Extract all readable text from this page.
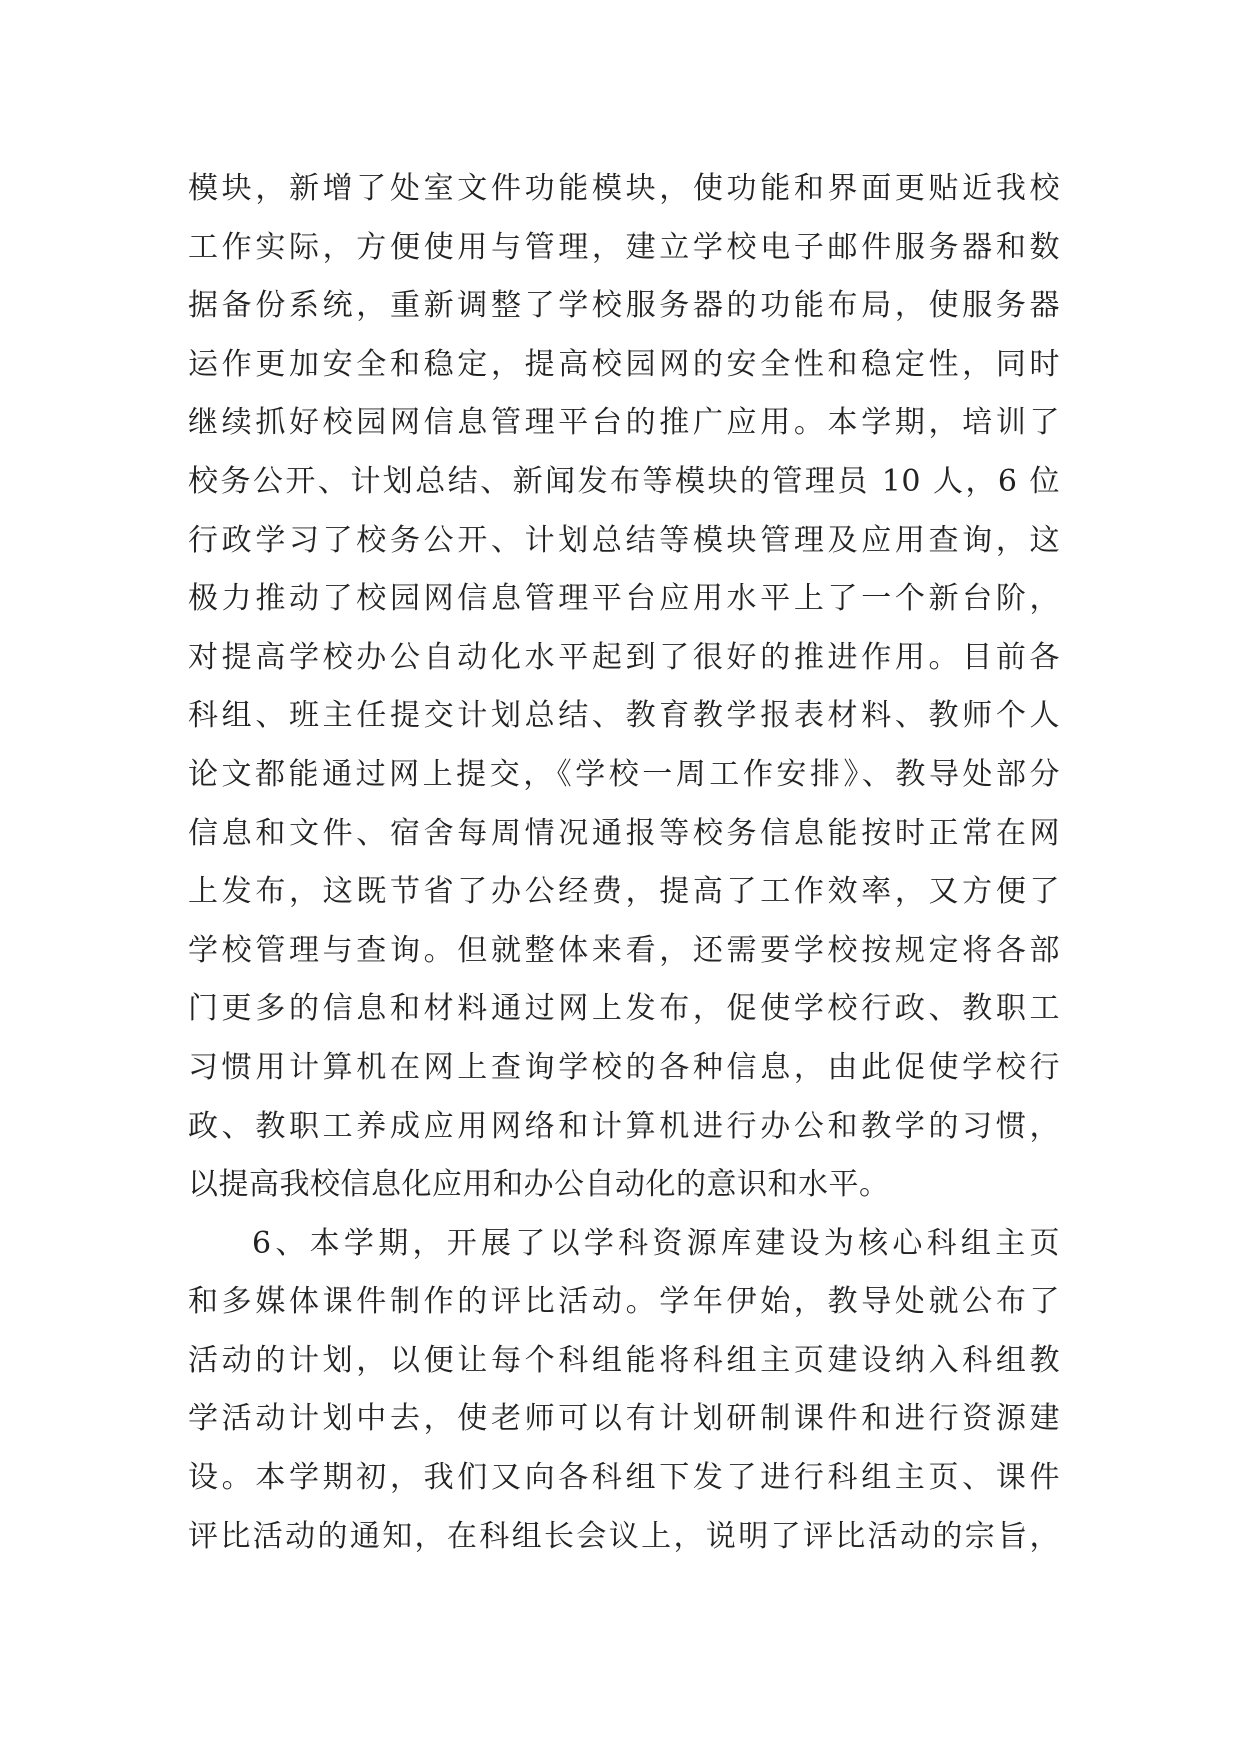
模块，新增了处室文件功能模块，使功能和界面更贴近我校
工作实际，方便使用与管理，建立学校电子邮件服务器和数
据备份系统，重新调整了学校服务器的功能布局，使服务器
运作更加安全和稳定，提高校园网的安全性和稳定性，同时
继续抓好校园网信息管理平台的推广应用。本学期，培训了
校务公开、计划总结、新闻发布等模块的管理员 10 人，6 位
行政学习了校务公开、计划总结等模块管理及应用查询，这
极力推动了校园网信息管理平台应用水平上了一个新台阶，
对提高学校办公自动化水平起到了很好的推进作用。目前各
科组、班主任提交计划总结、教育教学报表材料、教师个人
论文都能通过网上提交，《学校一周工作安排》、教导处部分
信息和文件、宿舍每周情况通报等校务信息能按时正常在网
上发布，这既节省了办公经费，提高了工作效率，又方便了
学校管理与查询。但就整体来看，还需要学校按规定将各部
门更多的信息和材料通过网上发布，促使学校行政、教职工
习惯用计算机在网上查询学校的各种信息，由此促使学校行
政、教职工养成应用网络和计算机进行办公和教学的习惯，
以提高我校信息化应用和办公自动化的意识和水平。
6、本学期，开展了以学科资源库建设为核心科组主页
和多媒体课件制作的评比活动。学年伊始，教导处就公布了
活动的计划，以便让每个科组能将科组主页建设纳入科组教
学活动计划中去，使老师可以有计划研制课件和进行资源建
设。本学期初，我们又向各科组下发了进行科组主页、课件
评比活动的通知，在科组长会议上，说明了评比活动的宗旨，
